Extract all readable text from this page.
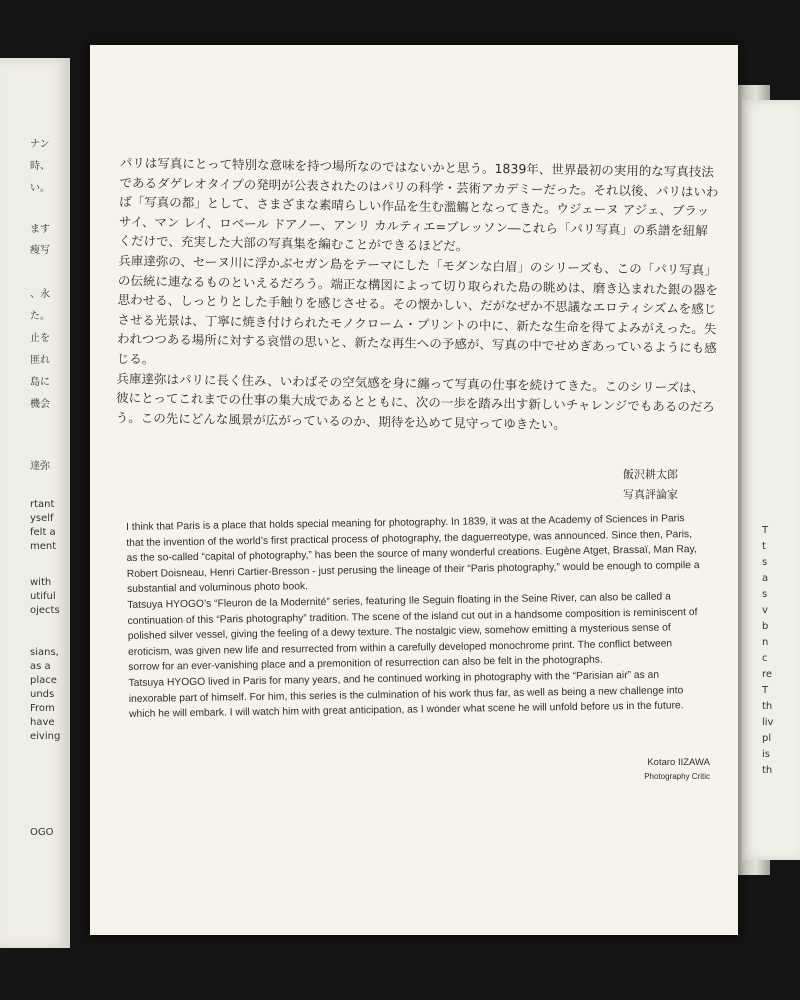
ナン
時、
い。
ます
瘦写
、永
た。
止を
匪れ
島に
機会
達弥
rtant
yself
felt a
ment
with
utiful
ojects
sians,
as a
place
unds
From
have
eiving
OGO
T
t
s
a
s
v
b
n
c
re
T
th
liv
pl
is
th

パリは写真にとって特別な意味を持つ場所なのではないかと思う。1839年、世界最初の実用的な写真技法であるダゲレオタイプの発明が公表されたのはパリの科学・芸術アカデミーだった。それ以後、パリはいわば「写真の都」として、さまざまな素晴らしい作品を生む濫觴となってきた。ウジェーヌ アジェ、ブラッサイ、マン レイ、ロベール ドアノー、アンリ カルティエ=ブレッソン―これら「パリ写真」の系譜を紐解くだけで、充実した大部の写真集を編むことができるほどだ。

兵庫達弥の、セーヌ川に浮かぶセガン島をテーマにした「モダンな白眉」のシリーズも、この「パリ写真」の伝統に連なるものといえるだろう。端正な構図によって切り取られた島の眺めは、磨き込まれた銀の器を思わせる、しっとりとした手触りを感じさせる。その懐かしい、だがなぜか不思議なエロティシズムを感じさせる光景は、丁寧に焼き付けられたモノクローム・プリントの中に、新たな生命を得てよみがえった。失われつつある場所に対する哀惜の思いと、新たな再生への予感が、写真の中でせめぎあっているようにも感じる。

兵庫達弥はパリに長く住み、いわばその空気感を身に纏って写真の仕事を続けてきた。このシリーズは、彼にとってこれまでの仕事の集大成であるとともに、次の一歩を踏み出す新しいチャレンジでもあるのだろう。この先にどんな風景が広がっているのか、期待を込めて見守ってゆきたい。

飯沢耕太郎
写真評論家

I think that Paris is a place that holds special meaning for photography. In 1839, it was at the Academy of Sciences in Paris that the invention of the world’s first practical process of photography, the daguerreotype, was announced. Since then, Paris, as the so-called “capital of photography,” has been the source of many wonderful creations. Eugène Atget, Brassaï, Man Ray, Robert Doisneau, Henri Cartier-Bresson - just perusing the lineage of their “Paris photography,” would be enough to compile a substantial and voluminous photo book.

Tatsuya HYOGO’s “Fleuron de la Modernité” series, featuring Ile Seguin floating in the Seine River, can also be called a continuation of this “Paris photography” tradition. The scene of the island cut out in a handsome composition is reminiscent of polished silver vessel, giving the feeling of a dewy texture. The nostalgic view, somehow emitting a mysterious sense of eroticism, was given new life and resurrected from within a carefully developed monochrome print. The conflict between sorrow for an ever-vanishing place and a premonition of resurrection can also be felt in the photographs.

Tatsuya HYOGO lived in Paris for many years, and he continued working in photography with the “Parisian air” as an inexorable part of himself. For him, this series is the culmination of his work thus far, as well as being a new challenge into which he will embark. I will watch him with great anticipation, as I wonder what scene he will unfold before us in the future.

Kotaro IIZAWA
Photography Critic
